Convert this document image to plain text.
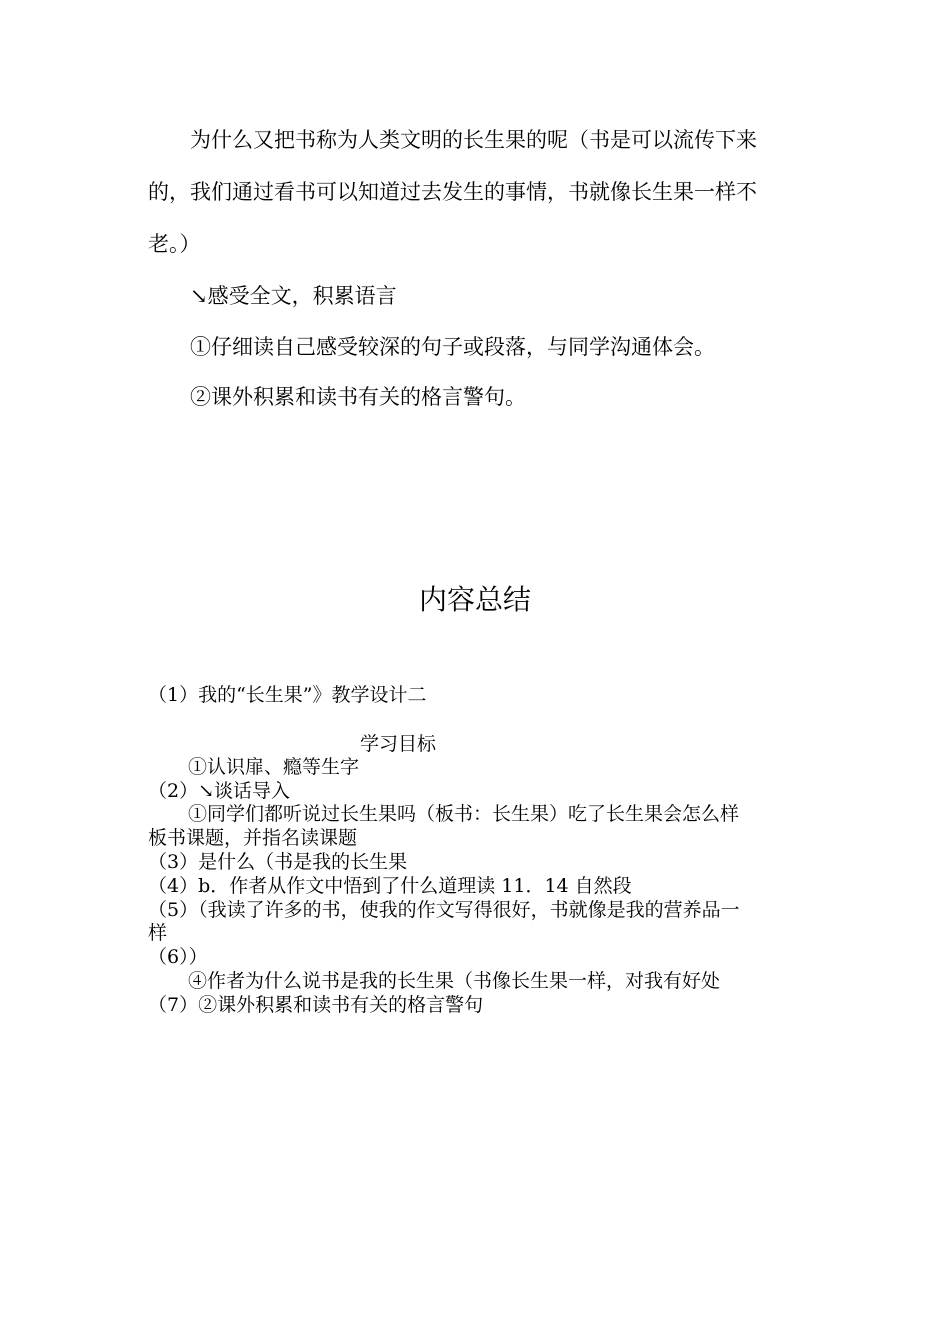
为什么又把书称为人类文明的长生果的呢（书是可以流传下来
的，我们通过看书可以知道过去发生的事情，书就像长生果一样不
老。）
↘感受全文，积累语言
①仔细读自己感受较深的句子或段落，与同学沟通体会。
②课外积累和读书有关的格言警句。
内容总结
（1）我的“长生果”》教学设计二
学习目标
①认识扉、瘾等生字
（2）↘谈话导入
①同学们都听说过长生果吗（板书：长生果）吃了长生果会怎么样
板书课题，并指名读课题
（3）是什么（书是我的长生果
（4）b．作者从作文中悟到了什么道理读 11．14 自然段
（5）（我读了许多的书，使我的作文写得很好，书就像是我的营养品一
样
（6））
④作者为什么说书是我的长生果（书像长生果一样，对我有好处
（7）②课外积累和读书有关的格言警句
